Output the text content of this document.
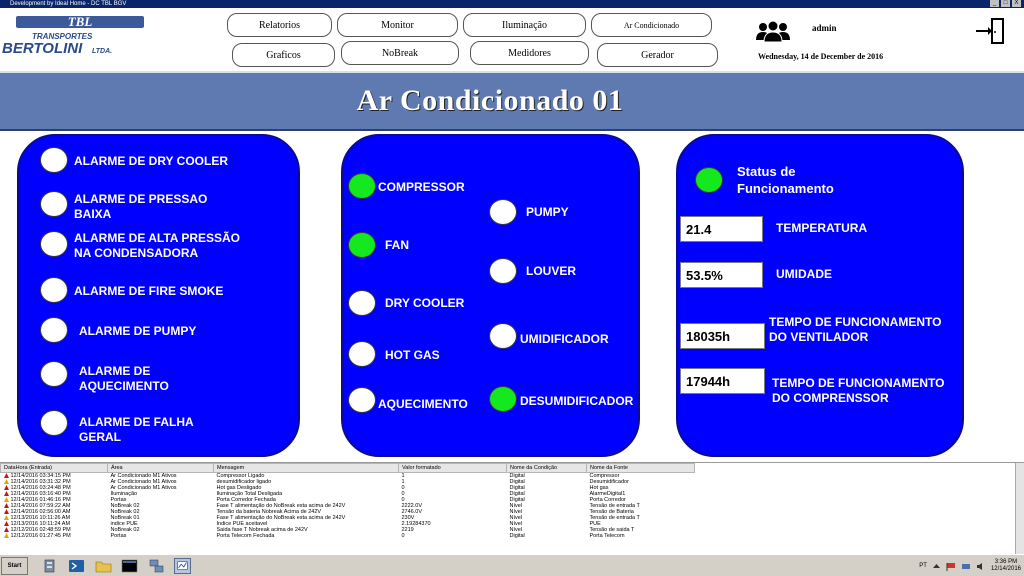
Development by Ideal Home - DC TBL BGV	_	□	X
TBL
TRANSPORTES
BERTOLINI LTDA.
Relatorios	Monitor	Iluminação	Ar Condicionado
Graficos	NoBreak	Medidores	Gerador
admin
Wednesday, 14 de December de 2016
Ar Condicionado 01
ALARME DE DRY COOLER
ALARME DE PRESSAO
BAIXA
ALARME DE ALTA PRESSÃO
NA CONDENSADORA
ALARME DE FIRE SMOKE
ALARME DE PUMPY
ALARME DE
AQUECIMENTO
ALARME DE FALHA
GERAL
COMPRESSOR
FAN
DRY COOLER
HOT GAS
AQUECIMENTO
PUMPY
LOUVER
UMIDIFICADOR
DESUMIDIFICADOR
Status de
Funcionamento
21.4	TEMPERATURA
53.5%	UMIDADE
18035h
TEMPO DE FUNCIONAMENTO
DO VENTILADOR
17944h	TEMPO DE FUNCIONAMENTO
DO COMPRENSSOR
DataHora (Entrada)	Área	Mensagem	Valor formatado	Nome da Condição	Nome da Fonte
12/14/2016 03:34:15 PM	Ar Condicionado M1 Ativos	Compressor Ligado	1	Digital	Compressor
12/14/2016 03:31:32 PM	Ar Condicionado M1 Ativos	desumidificador ligado	1	Digital	Desumidificador
12/14/2016 03:24:48 PM	Ar Condicionado M1 Ativos	Hot gas Desligado	0	Digital	Hot gas
12/14/2016 03:16:40 PM	Iluminação	Iluminação Total Desligada	0	Digital	AlarmeDigital1
12/14/2016 01:46:16 PM	Portas	Porta Corredor Fechada	0	Digital	Porta Corredor
12/14/2016 07:59:22 AM	NoBreak 02	Fase T alimentação do NoBreak esta acima de 242V	2222.0V	Nível	Tensão de entrada T
12/14/2016 02:56:00 AM	NoBreak 02	Tensão da bateria Nobreak Acima de 242V	2746.0V	Nível	Tensão de Bateria
12/13/2016 10:11:26 AM	NoBreak 01	Fase T alimentação do NoBreak esta acima de 242V	230V	Nível	Tensão de entrada T
12/13/2016 10:11:24 AM	indice PUE	Indice PUE aceitavel	2.19284370	Nível	PUE
12/12/2016 02:48:59 PM	NoBreak 02	Saida fase T Nobreak acima de 242V	2219	Nível	Tensão de saida T
12/12/2016 01:27:45 PM	Portas	Porta Telecom Fechada	0	Digital	Porta Telecom
Start	PT
3:36 PM
12/14/2016
